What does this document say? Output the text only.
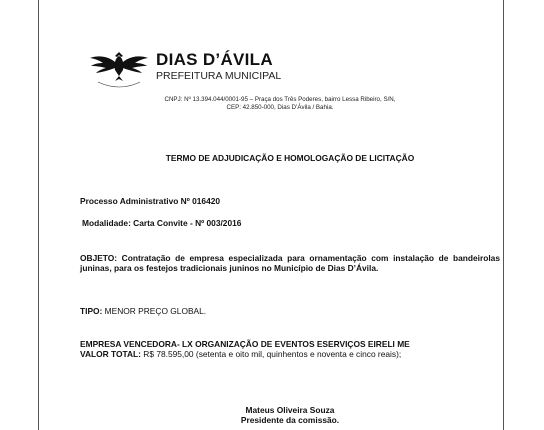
DIAS D’ÁVILA
PREFEITURA MUNICIPAL
CNPJ: Nº 13.394.044/0001-95 – Praça dos Três Poderes, bairro Lessa Ribeiro, S/N,
CEP: 42.850-000, Dias D’Ávila / Bahia.
TERMO DE ADJUDICAÇÃO E HOMOLOGAÇÃO DE LICITAÇÃO
Processo Administrativo Nº 016420
Modalidade: Carta Convite - Nº 003/2016
OBJETO: Contratação de empresa especializada para ornamentação com instalação de bandeirolas juninas, para os festejos tradicionais juninos no Município de Dias D’Ávila.
TIPO: MENOR PREÇO GLOBAL.
EMPRESA VENCEDORA- LX ORGANIZAÇÃO DE EVENTOS ESERVIÇOS EIRELI ME
VALOR TOTAL: R$ 78.595,00 (setenta e oito mil, quinhentos e noventa e cinco reais);
Mateus Oliveira Souza
Presidente da comissão.
